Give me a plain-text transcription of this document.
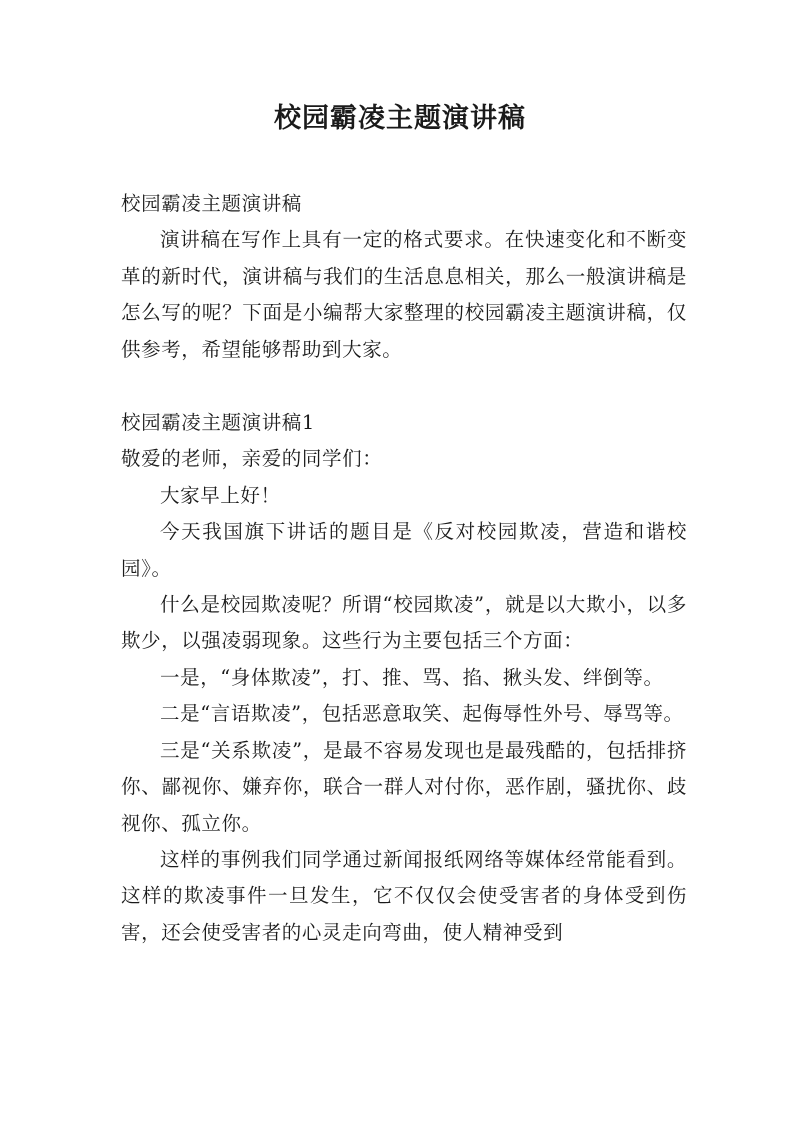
校园霸凌主题演讲稿

校园霸凌主题演讲稿

演讲稿在写作上具有一定的格式要求。在快速变化和不断变革的新时代，演讲稿与我们的生活息息相关，那么一般演讲稿是怎么写的呢？下面是小编帮大家整理的校园霸凌主题演讲稿，仅供参考，希望能够帮助到大家。

校园霸凌主题演讲稿1

敬爱的老师，亲爱的同学们：

大家早上好！

今天我国旗下讲话的题目是《反对校园欺凌，营造和谐校园》。

什么是校园欺凌呢？所谓“校园欺凌”，就是以大欺小，以多欺少，以强凌弱现象。这些行为主要包括三个方面：

一是，“身体欺凌”，打、推、骂、掐、揪头发、绊倒等。

二是“言语欺凌”，包括恶意取笑、起侮辱性外号、辱骂等。

三是“关系欺凌”，是最不容易发现也是最残酷的，包括排挤你、鄙视你、嫌弃你，联合一群人对付你，恶作剧，骚扰你、歧视你、孤立你。

这样的事例我们同学通过新闻报纸网络等媒体经常能看到。这样的欺凌事件一旦发生，它不仅仅会使受害者的身体受到伤害，还会使受害者的心灵走向弯曲，使人精神受到
